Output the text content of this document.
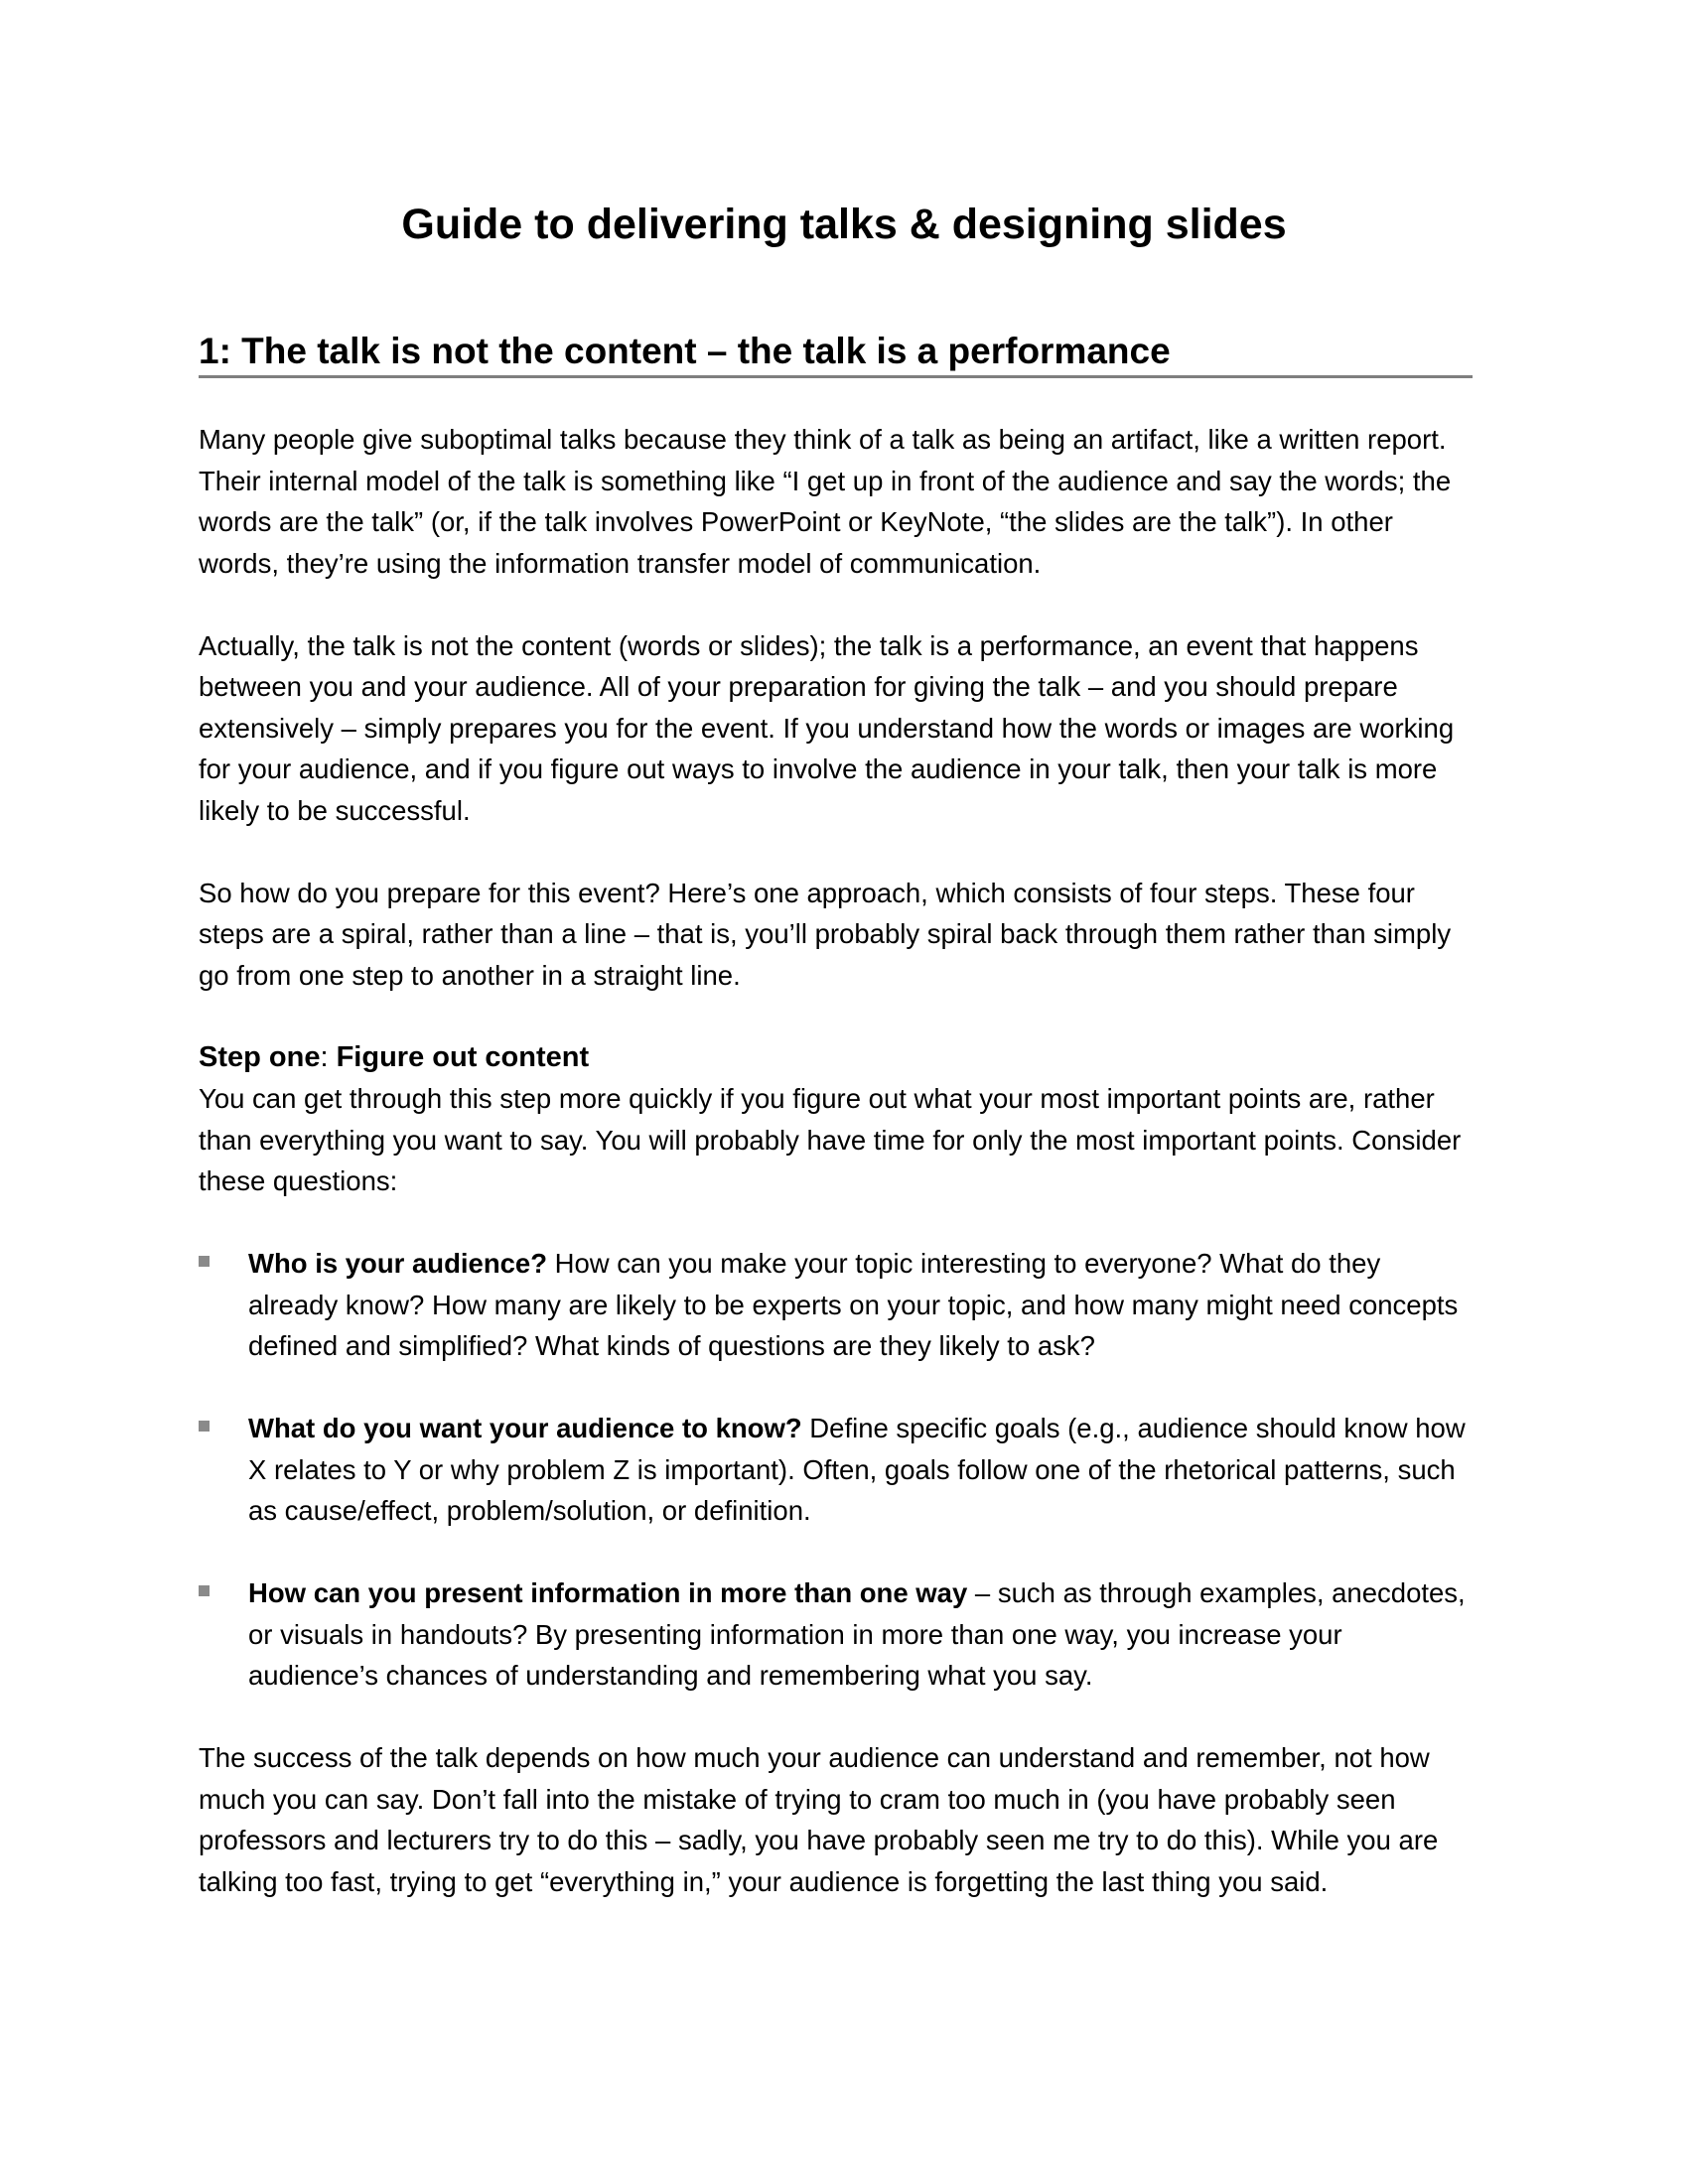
Guide to delivering talks & designing slides
1: The talk is not the content – the talk is a performance

Many people give suboptimal talks because they think of a talk as being an artifact, like a written report. Their internal model of the talk is something like “I get up in front of the audience and say the words; the words are the talk” (or, if the talk involves PowerPoint or KeyNote, “the slides are the talk”). In other words, they’re using the information transfer model of communication.

Actually, the talk is not the content (words or slides); the talk is a performance, an event that happens between you and your audience. All of your preparation for giving the talk – and you should prepare extensively – simply prepares you for the event. If you understand how the words or images are working for your audience, and if you figure out ways to involve the audience in your talk, then your talk is more likely to be successful.

So how do you prepare for this event? Here’s one approach, which consists of four steps. These four steps are a spiral, rather than a line – that is, you’ll probably spiral back through them rather than simply go from one step to another in a straight line.

Step one: Figure out content

You can get through this step more quickly if you figure out what your most important points are, rather than everything you want to say. You will probably have time for only the most important points. Consider these questions:

Who is your audience? How can you make your topic interesting to everyone? What do they already know? How many are likely to be experts on your topic, and how many might need concepts defined and simplified? What kinds of questions are they likely to ask?
What do you want your audience to know? Define specific goals (e.g., audience should know how X relates to Y or why problem Z is important). Often, goals follow one of the rhetorical patterns, such as cause/effect, problem/solution, or definition.
How can you present information in more than one way – such as through examples, anecdotes, or visuals in handouts? By presenting information in more than one way, you increase your audience’s chances of understanding and remembering what you say.

The success of the talk depends on how much your audience can understand and remember, not how much you can say. Don’t fall into the mistake of trying to cram too much in (you have probably seen professors and lecturers try to do this – sadly, you have probably seen me try to do this). While you are talking too fast, trying to get “everything in,” your audience is forgetting the last thing you said.
